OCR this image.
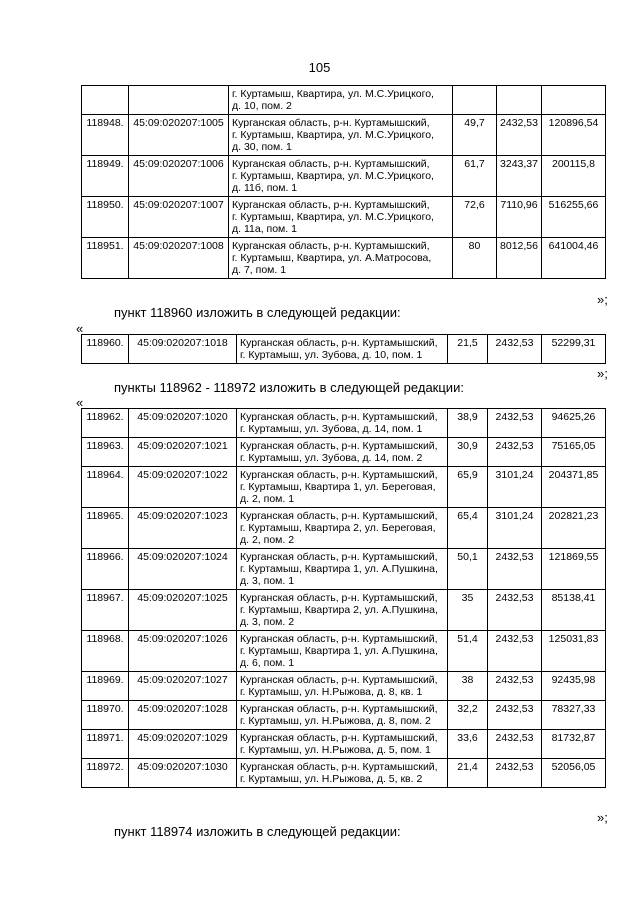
105

		г. Куртамыш, Квартира, ул. М.С.Урицкого,
д. 10, пом. 2			

118948.	45:09:020207:1005	Курганская область, р-н. Куртамышский,
г. Куртамыш, Квартира, ул. М.С.Урицкого,
д. 30, пом. 1	49,7	2432,53	120896,54
118949.	45:09:020207:1006	Курганская область, р-н. Куртамышский,
г. Куртамыш, Квартира, ул. М.С.Урицкого,
д. 11б, пом. 1	61,7	3243,37	200115,8
118950.	45:09:020207:1007	Курганская область, р-н. Куртамышский,
г. Куртамыш, Квартира, ул. М.С.Урицкого,
д. 11а, пом. 1	72,6	7110,96	516255,66
118951.	45:09:020207:1008	Курганская область, р-н. Куртамышский,
г. Куртамыш, Квартира, ул. А.Матросова,
д. 7, пом. 1	80	8012,56	641004,46
»;
пункт 118960 изложить в следующей редакции:
«
118960.	45:09:020207:1018	Курганская область, р-н. Куртамышский,
г. Куртамыш, ул. Зубова, д. 10, пом. 1
	21,5	2432,53	52299,31
»;
пункты 118962 - 118972 изложить в следующей редакции:
«
118962.	45:09:020207:1020	Курганская область, р-н. Куртамышский,
г. Куртамыш, ул. Зубова, д. 14, пом. 1	38,9	2432,53	94625,26
118963.	45:09:020207:1021	Курганская область, р-н. Куртамышский,
г. Куртамыш, ул. Зубова, д. 14, пом. 2	30,9	2432,53	75165,05
118964.	45:09:020207:1022	Курганская область, р-н. Куртамышский,
г. Куртамыш, Квартира 1, ул. Береговая,
д. 2, пом. 1	65,9	3101,24	204371,85
118965.	45:09:020207:1023	Курганская область, р-н. Куртамышский,
г. Куртамыш, Квартира 2, ул. Береговая,
д. 2, пом. 2	65,4	3101,24	202821,23
118966.	45:09:020207:1024	Курганская область, р-н. Куртамышский,
г. Куртамыш, Квартира 1, ул. А.Пушкина,
д. 3, пом. 1	50,1	2432,53	121869,55
118967.	45:09:020207:1025	Курганская область, р-н. Куртамышский,
г. Куртамыш, Квартира 2, ул. А.Пушкина,
д. 3, пом. 2	35	2432,53	85138,41
118968.	45:09:020207:1026	Курганская область, р-н. Куртамышский,
г. Куртамыш, Квартира 1, ул. А.Пушкина,
д. 6, пом. 1	51,4	2432,53	125031,83
118969.	45:09:020207:1027	Курганская область, р-н. Куртамышский,
г. Куртамыш, ул. Н.Рыжова, д. 8, кв. 1	38	2432,53	92435,98
118970.	45:09:020207:1028	Курганская область, р-н. Куртамышский,
г. Куртамыш, ул. Н.Рыжова, д. 8, пом. 2	32,2	2432,53	78327,33
118971.	45:09:020207:1029	Курганская область, р-н. Куртамышский,
г. Куртамыш, ул. Н.Рыжова, д. 5, пом. 1	33,6	2432,53	81732,87
118972.	45:09:020207:1030	Курганская область, р-н. Куртамышский,
г. Куртамыш, ул. Н.Рыжова, д. 5, кв. 2	21,4	2432,53	52056,05
»;
пункт 118974 изложить в следующей редакции:
